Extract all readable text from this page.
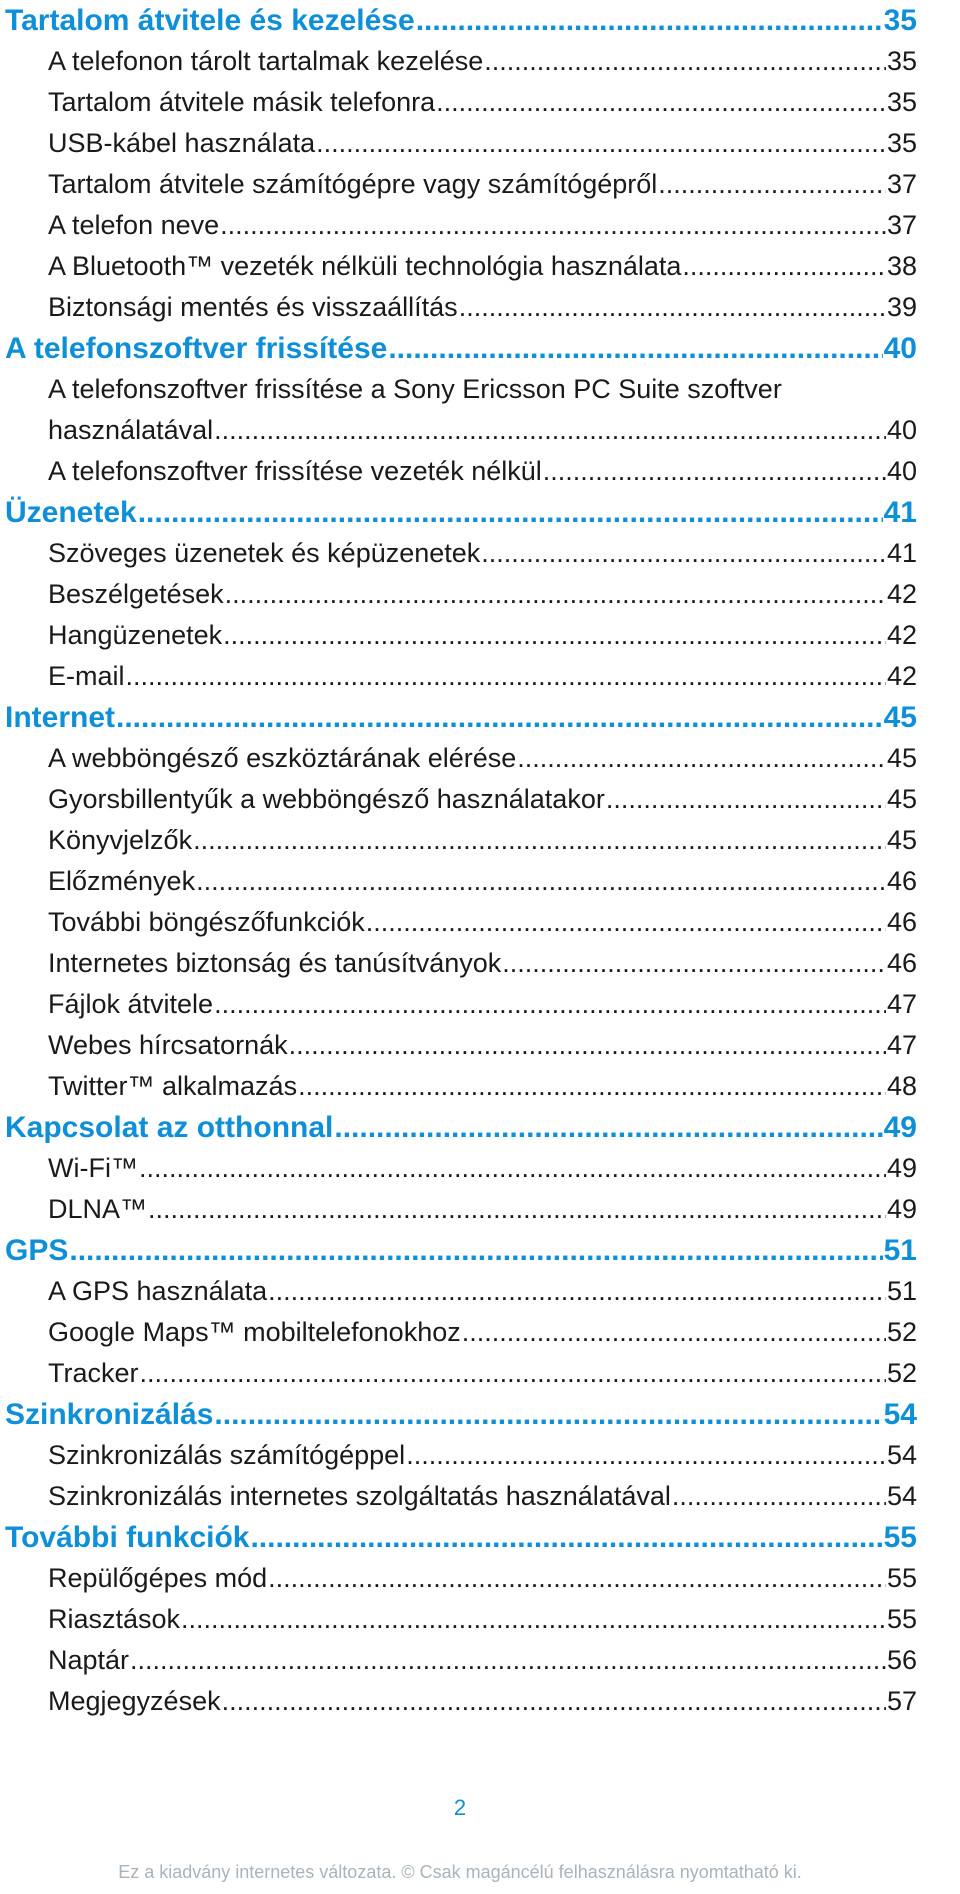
Tartalom átvitele és kezelése .....	35
A telefonon tárolt tartalmak kezelése .....	35
Tartalom átvitele másik telefonra .....	35
USB-kábel használata .....	35
Tartalom átvitele számítógépre vagy számítógépről .....	37
A telefon neve .....	37
A Bluetooth™ vezeték nélküli technológia használata .....	38
Biztonsági mentés és visszaállítás .....	39
A telefonszoftver frissítése .....	40
A telefonszoftver frissítése a Sony Ericsson PC Suite szoftver
használatával .....	40
A telefonszoftver frissítése vezeték nélkül .....	40
Üzenetek .....	41
Szöveges üzenetek és képüzenetek .....	41
Beszélgetések .....	42
Hangüzenetek .....	42
E-mail .....	42
Internet .....	45
A webböngésző eszköztárának elérése .....	45
Gyorsbillentyűk a webböngésző használatakor .....	45
Könyvjelzők .....	45
Előzmények .....	46
További böngészőfunkciók .....	46
Internetes biztonság és tanúsítványok .....	46
Fájlok átvitele .....	47
Webes hírcsatornák .....	47
Twitter™ alkalmazás .....	48
Kapcsolat az otthonnal .....	49
Wi-Fi™ .....	49
DLNA™ .....	49
GPS .....	51
A GPS használata .....	51
Google Maps™ mobiltelefonokhoz .....	52
Tracker .....	52
Szinkronizálás .....	54
Szinkronizálás számítógéppel .....	54
Szinkronizálás internetes szolgáltatás használatával .....	54
További funkciók .....	55
Repülőgépes mód .....	55
Riasztások .....	55
Naptár .....	56
Megjegyzések .....	57
2
Ez a kiadvány internetes változata. © Csak magáncélú felhasználásra nyomtatható ki.
